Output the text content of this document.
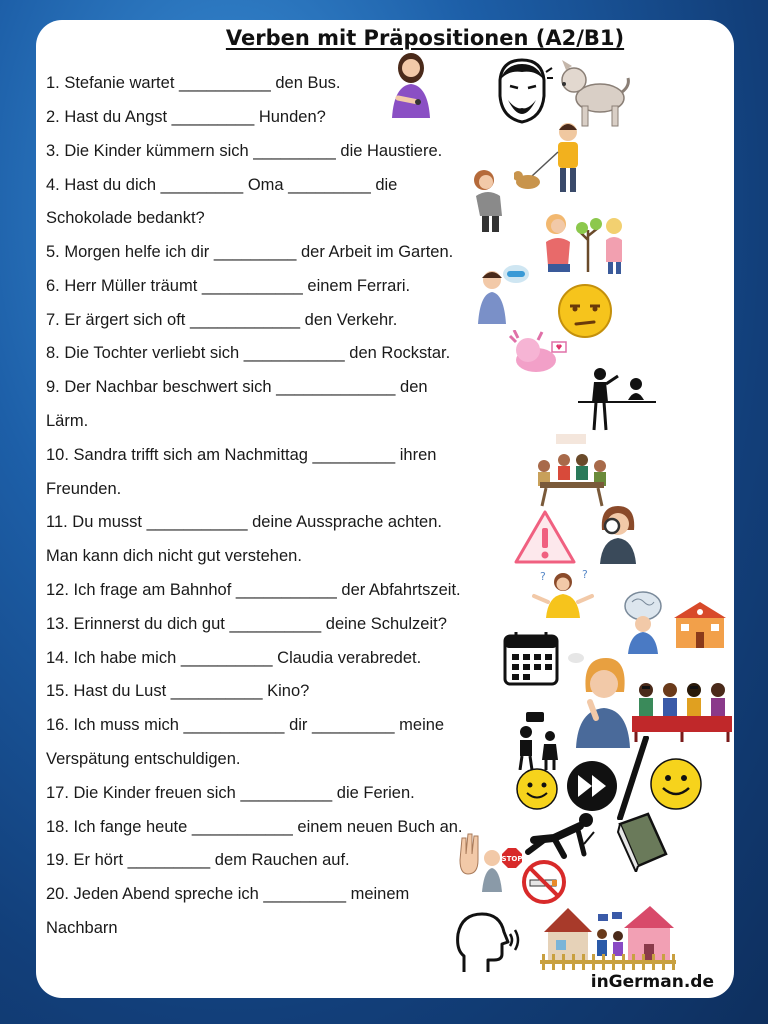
Verben mit Präpositionen (A2/B1)
1. Stefanie wartet __________ den Bus.
2. Hast du Angst _________ Hunden?
3. Die Kinder kümmern sich _________ die Haustiere.
4. Hast du dich _________ Oma _________ die
Schokolade bedankt?
5. Morgen helfe ich dir _________ der Arbeit im Garten.
6. Herr Müller träumt ___________ einem Ferrari.
7. Er ärgert sich oft ____________ den Verkehr.
8. Die Tochter verliebt sich ___________ den Rockstar.
9. Der Nachbar beschwert sich _____________ den
Lärm.
10. Sandra trifft sich am Nachmittag _________ ihren
Freunden.
11. Du musst ___________ deine Aussprache achten.
Man kann dich nicht gut verstehen.
12. Ich frage am Bahnhof ___________ der Abfahrtszeit.
13. Erinnerst du dich gut __________ deine Schulzeit?
14. Ich habe mich __________ Claudia verabredet.
15. Hast du Lust __________ Kino?
16. Ich muss mich ___________ dir _________ meine
Verspätung entschuldigen.
17. Die Kinder freuen sich __________ die Ferien.
18. Ich fange heute ___________ einem neuen Buch an.
19. Er hört _________ dem Rauchen auf.
20. Jeden Abend spreche ich _________ meinem
Nachbarn
?	?
STOP
inGerman.de
